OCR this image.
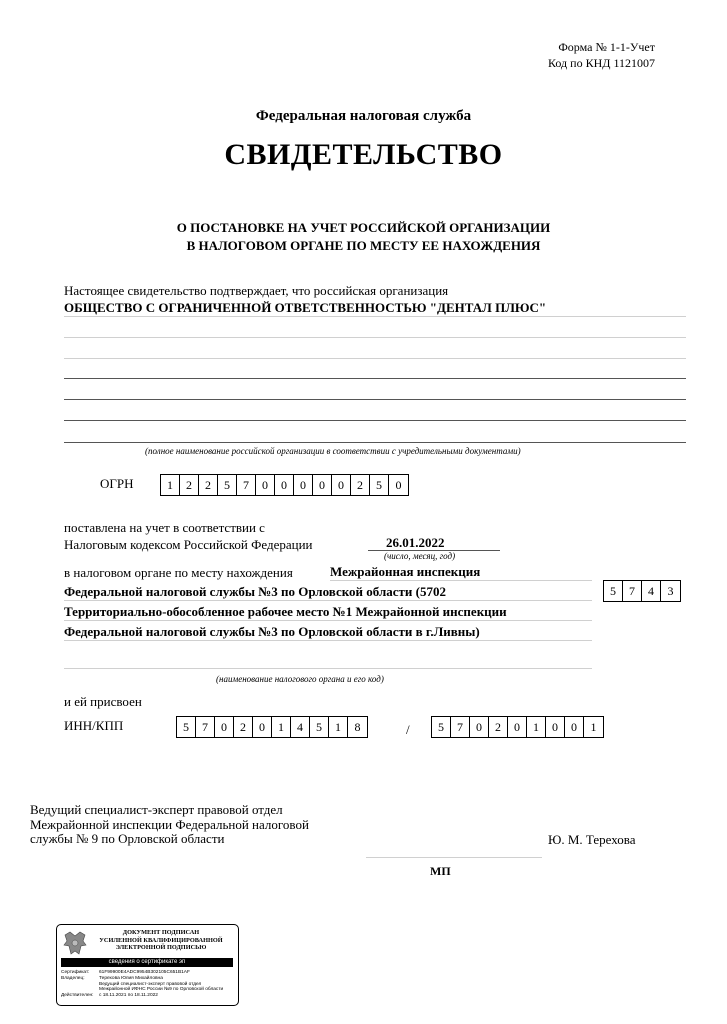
Форма № 1-1-Учет
Код по КНД 1121007
Федеральная налоговая служба
СВИДЕТЕЛЬСТВО
О ПОСТАНОВКЕ НА УЧЕТ РОССИЙСКОЙ ОРГАНИЗАЦИИ
В НАЛОГОВОМ ОРГАНЕ ПО МЕСТУ ЕЕ НАХОЖДЕНИЯ
Настоящее свидетельство подтверждает, что российская организация
ОБЩЕСТВО С ОГРАНИЧЕННОЙ ОТВЕТСТВЕННОСТЬЮ "ДЕНТАЛ ПЛЮС"
(полное наименование российской организации в соответствии с учредительными документами)
ОГРН	1	2	2	5	7	0	0	0	0	0	2	5	0
поставлена на учет в соответствии с
Налоговым кодексом Российской Федерации	26.01.2022
(число, месяц, год)
в налоговом органе по месту нахождения	Межрайонная инспекция
Федеральной налоговой службы №3 по Орловской области (5702
Территориально-обособленное рабочее место №1 Межрайонной инспекции
Федеральной налоговой службы №3 по Орловской области в г.Ливны)
5	7	4	3
(наименование налогового органа и его код)
и ей присвоен
ИНН/КПП	5	7	0	2	0	1	4	5	1	8	/	5	7	0	2	0	1	0	0	1
Ведущий специалист-эксперт правовой отдел
Межрайонной инспекции Федеральной налоговой
службы № 9 по Орловской области	Ю. М. Терехова
МП
ДОКУМЕНТ ПОДПИСАН
УСИЛЕННОЙ КВАЛИФИЦИРОВАННОЙ
ЭЛЕКТРОННОЙ ПОДПИСЬЮ
сведения о сертификате эп
Сертификат:	61F99900E4ADC9954B302105C651B1AF
Владелец:	Терехова Юлия Михайловна
Ведущий специалист-эксперт правовой отдел
Межрайонной ИФНС России №9 по Орловской области
Действителен:	с 18.11.2021 по 18.11.2022
